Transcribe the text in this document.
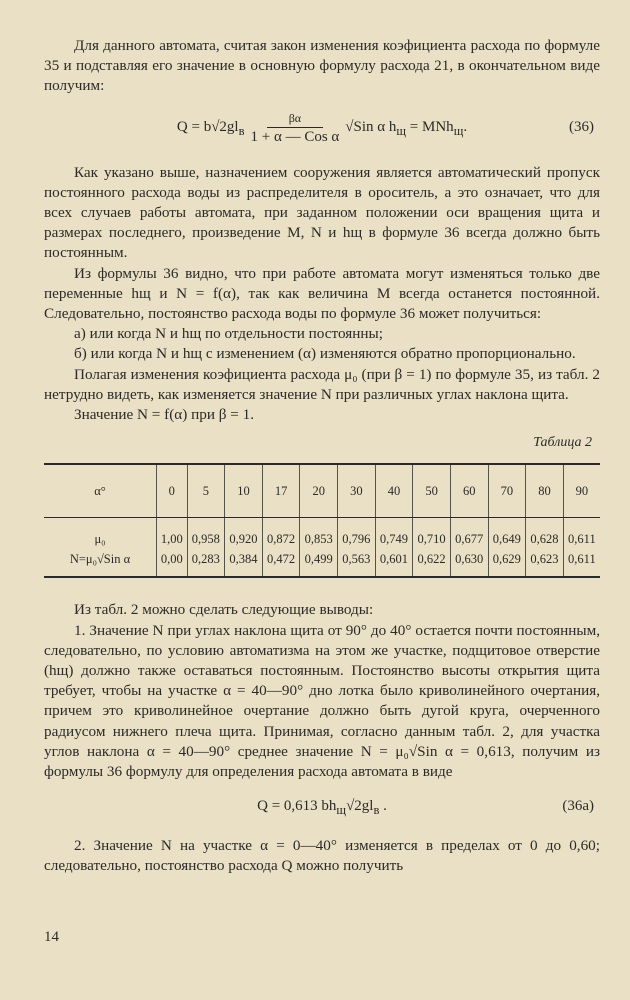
Для данного автомата, считая закон изменения коэфициента расхода по формуле 35 и подставляя его значение в основную формулу расхода 21, в окончательном виде получим:

$Q = b√2gl_в \frac{\beta\alpha}{\text{1 + α — Cos α}} √Sin$ α $h_щ = MNh_щ$.	(36)

Как указано выше, назначением сооружения является автоматический пропуск постоянного расхода воды из распределителя в ороситель, а это означает, что для всех случаев работы автомата, при заданном положении оси вращения щита и размерах последнего, произведение M, N и hщ в формуле 36 всегда должно быть постоянным.

Из формулы 36 видно, что при работе автомата могут изменяться только две переменные hщ и N = f(α), так как величина M всегда останется постоянной. Следовательно, постоянство расхода воды по формуле 36 может получиться:

а) или когда N и hщ по отдельности постоянны;

б) или когда N и hщ с изменением (α) изменяются обратно пропорционально.

Полагая изменения коэфициента расхода μ₀ (при β = 1) по формуле 35, из табл. 2 нетрудно видеть, как изменяется значение N при различных углах наклона щита.

Значение N = f(α) при β = 1.

Таблица 2

α°	0	5	10	17	20	30	40	50	60	70	80	90
μ₀	1,00	0,958	0,920	0,872	0,853	0,796	0,749	0,710	0,677	0,649	0,628	0,611
N=μ₀√Sin α	0,00	0,283	0,384	0,472	0,499	0,563	0,601	0,622	0,630	0,629	0,623	0,611

Из табл. 2 можно сделать следующие выводы:

1. Значение N при углах наклона щита от 90° до 40° остается почти постоянным, следовательно, по условию автоматизма на этом же участке, подщитовое отверстие (hщ) должно также оставаться постоянным. Постоянство высоты открытия щита требует, чтобы на участке α = 40—90° дно лотка было криволинейного очертания, причем это криволинейное очертание должно быть дугой круга, очерченного радиусом нижнего плеча щита. Принимая, согласно данным табл. 2, для участка углов наклона α = 40—90° среднее значение N = μ₀√Sin α = 0,613, получим из формулы 36 формулу для определения расхода автомата в виде

Q = 0,613 $bh_щ√2gl_в$ .	(36a)

2. Значение N на участке α = 0—40° изменяется в пределах от 0 до 0,60; следовательно, постоянство расхода Q можно получить

14
